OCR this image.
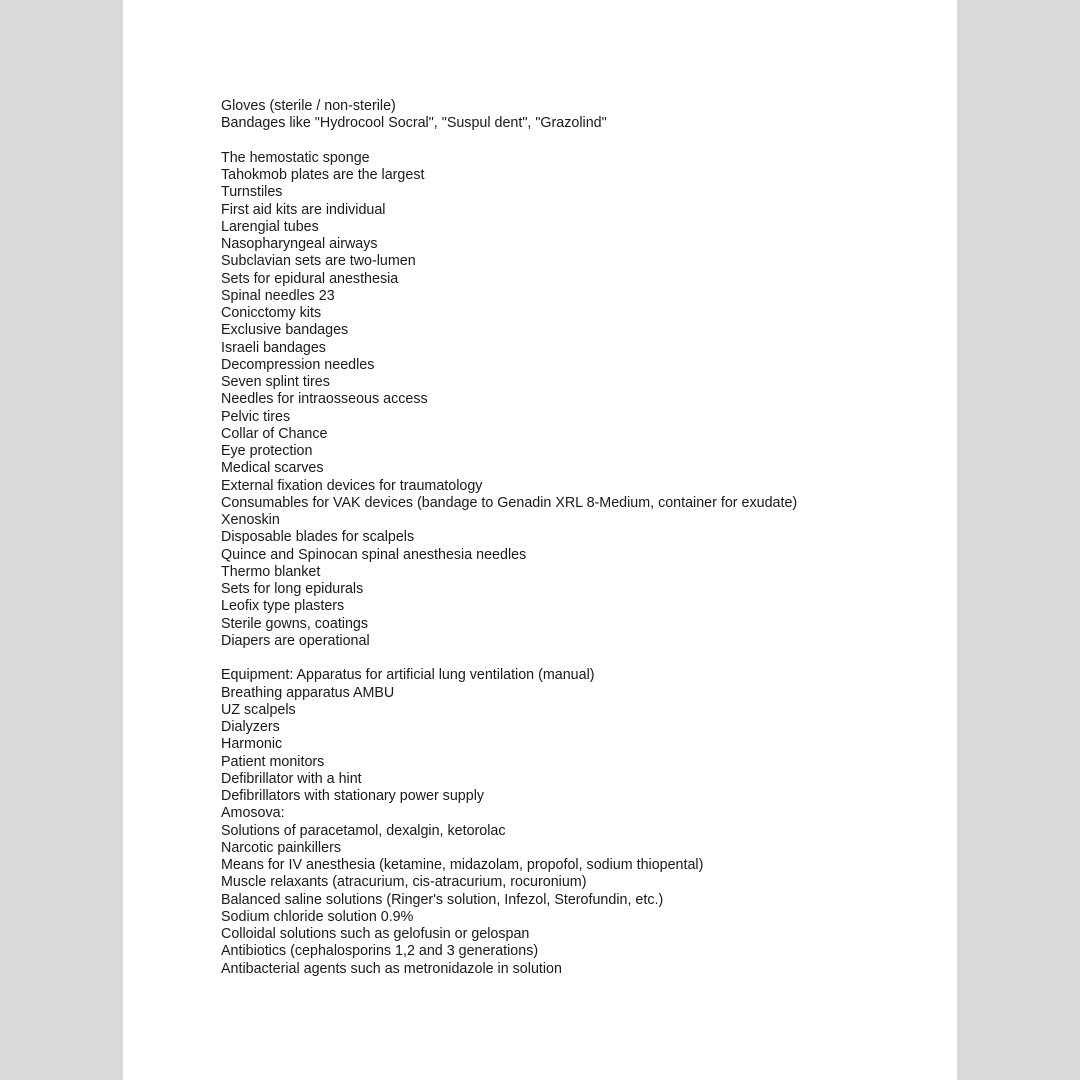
Gloves (sterile / non-sterile)
Bandages like "Hydrocool Socral", "Suspul dent", "Grazolind"
The hemostatic sponge
Tahokmob plates are the largest
Turnstiles
First aid kits are individual
Larengial tubes
Nasopharyngeal airways
Subclavian sets are two-lumen
Sets for epidural anesthesia
Spinal needles 23
Conicctomy kits
Exclusive bandages
Israeli bandages
Decompression needles
Seven splint tires
Needles for intraosseous access
Pelvic tires
Collar of Chance
Eye protection
Medical scarves
External fixation devices for traumatology
Consumables for VAK devices (bandage to Genadin XRL 8-Medium, container for exudate)
Xenoskin
Disposable blades for scalpels
Quince and Spinocan spinal anesthesia needles
Thermo blanket
Sets for long epidurals
Leofix type plasters
Sterile gowns, coatings
Diapers are operational
Equipment: Apparatus for artificial lung ventilation (manual)
Breathing apparatus AMBU
UZ scalpels
Dialyzers
Harmonic
Patient monitors
Defibrillator with a hint
Defibrillators with stationary power supply
Amosova:
Solutions of paracetamol, dexalgin, ketorolac
Narcotic painkillers
Means for IV anesthesia (ketamine, midazolam, propofol, sodium thiopental)
Muscle relaxants (atracurium, cis-atracurium, rocuronium)
Balanced saline solutions (Ringer's solution, Infezol, Sterofundin, etc.)
Sodium chloride solution 0.9%
Colloidal solutions such as gelofusin or gelospan
Antibiotics (cephalosporins 1,2 and 3 generations)
Antibacterial agents such as metronidazole in solution
